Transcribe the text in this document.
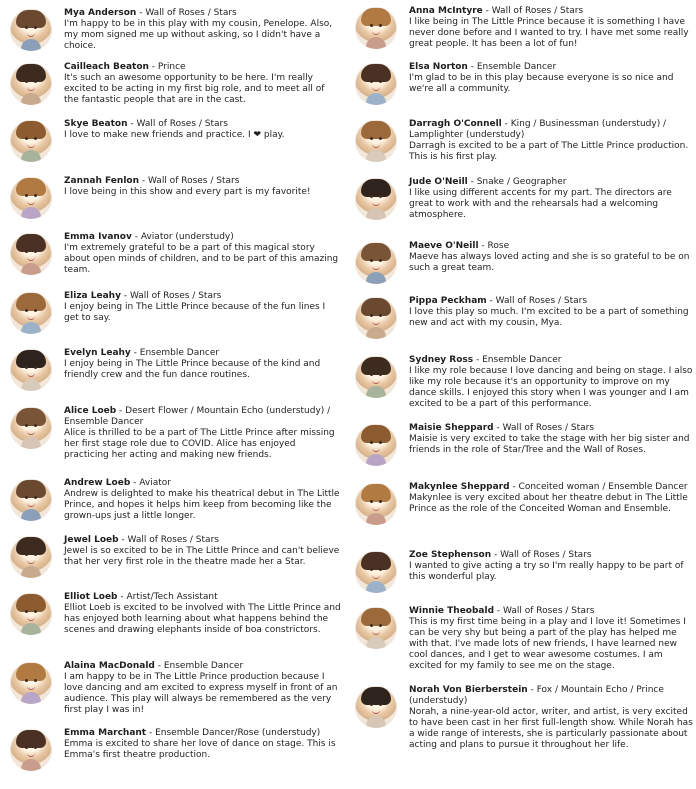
Mya Anderson - Wall of Roses / Stars
I'm happy to be in this play with my cousin, Penelope. Also, my mom signed me up without asking, so I didn't have a choice.
Cailleach Beaton - Prince
It's such an awesome opportunity to be here. I'm really excited to be acting in my first big role, and to meet all of the fantastic people that are in the cast.
Skye Beaton - Wall of Roses / Stars
I love to make new friends and practice. I ❤ play.
Zannah Fenlon - Wall of Roses / Stars
I love being in this show and every part is my favorite!
Emma Ivanov - Aviator (understudy)
I'm extremely grateful to be a part of this magical story about open minds of children, and to be part of this amazing team.
Eliza Leahy - Wall of Roses / Stars
I enjoy being in The Little Prince because of the fun lines I get to say.
Evelyn Leahy - Ensemble Dancer
I enjoy being in The Little Prince because of the kind and friendly crew and the fun dance routines.
Alice Loeb - Desert Flower / Mountain Echo (understudy) / Ensemble Dancer
Alice is thrilled to be a part of The Little Prince after missing her first stage role due to COVID. Alice has enjoyed practicing her acting and making new friends.
Andrew Loeb - Aviator
Andrew is delighted to make his theatrical debut in The Little Prince, and hopes it helps him keep from becoming like the grown-ups just a little longer.
Jewel Loeb - Wall of Roses / Stars
Jewel is so excited to be in The Little Prince and can't believe that her very first role in the theatre made her a Star.
Elliot Loeb - Artist/Tech Assistant
Elliot Loeb is excited to be involved with The Little Prince and has enjoyed both learning about what happens behind the scenes and drawing elephants inside of boa constrictors.
Alaina MacDonald - Ensemble Dancer
I am happy to be in The Little Prince production because I love dancing and am excited to express myself in front of an audience. This play will always be remembered as the very first play I was in!
Emma Marchant - Ensemble Dancer/Rose (understudy)
Emma is excited to share her love of dance on stage. This is Emma's first theatre production.
Anna McIntyre - Wall of Roses / Stars
I like being in The Little Prince because it is something I have never done before and I wanted to try. I have met some really great people. It has been a lot of fun!
Elsa Norton - Ensemble Dancer
I'm glad to be in this play because everyone is so nice and we're all a community.
Darragh O'Connell - King / Businessman (understudy) / Lamplighter (understudy)
Darragh is excited to be a part of The Little Prince production. This is his first play.
Jude O'Neill - Snake / Geographer
I like using different accents for my part. The directors are great to work with and the rehearsals had a welcoming atmosphere.
Maeve O'Neill - Rose
Maeve has always loved acting and she is so grateful to be on such a great team.
Pippa Peckham - Wall of Roses / Stars
I love this play so much. I'm excited to be a part of something new and act with my cousin, Mya.
Sydney Ross - Ensemble Dancer
I like my role because I love dancing and being on stage. I also like my role because it's an opportunity to improve on my dance skills. I enjoyed this story when I was younger and I am excited to be a part of this performance.
Maisie Sheppard - Wall of Roses / Stars
Maisie is very excited to take the stage with her big sister and friends in the role of Star/Tree and the Wall of Roses.
Makynlee Sheppard - Conceited woman / Ensemble Dancer
Makynlee is very excited about her theatre debut in The Little Prince as the role of the Conceited Woman and Ensemble.
Zoe Stephenson - Wall of Roses / Stars
I wanted to give acting a try so I'm really happy to be part of this wonderful play.
Winnie Theobald - Wall of Roses / Stars
This is my first time being in a play and I love it! Sometimes I can be very shy but being a part of the play has helped me with that. I've made lots of new friends, I have learned new cool dances, and I get to wear awesome costumes. I am excited for my family to see me on the stage.
Norah Von Bierberstein - Fox / Mountain Echo / Prince (understudy)
Norah, a nine-year-old actor, writer, and artist, is very excited to have been cast in her first full-length show. While Norah has a wide range of interests, she is particularly passionate about acting and plans to pursue it throughout her life.
